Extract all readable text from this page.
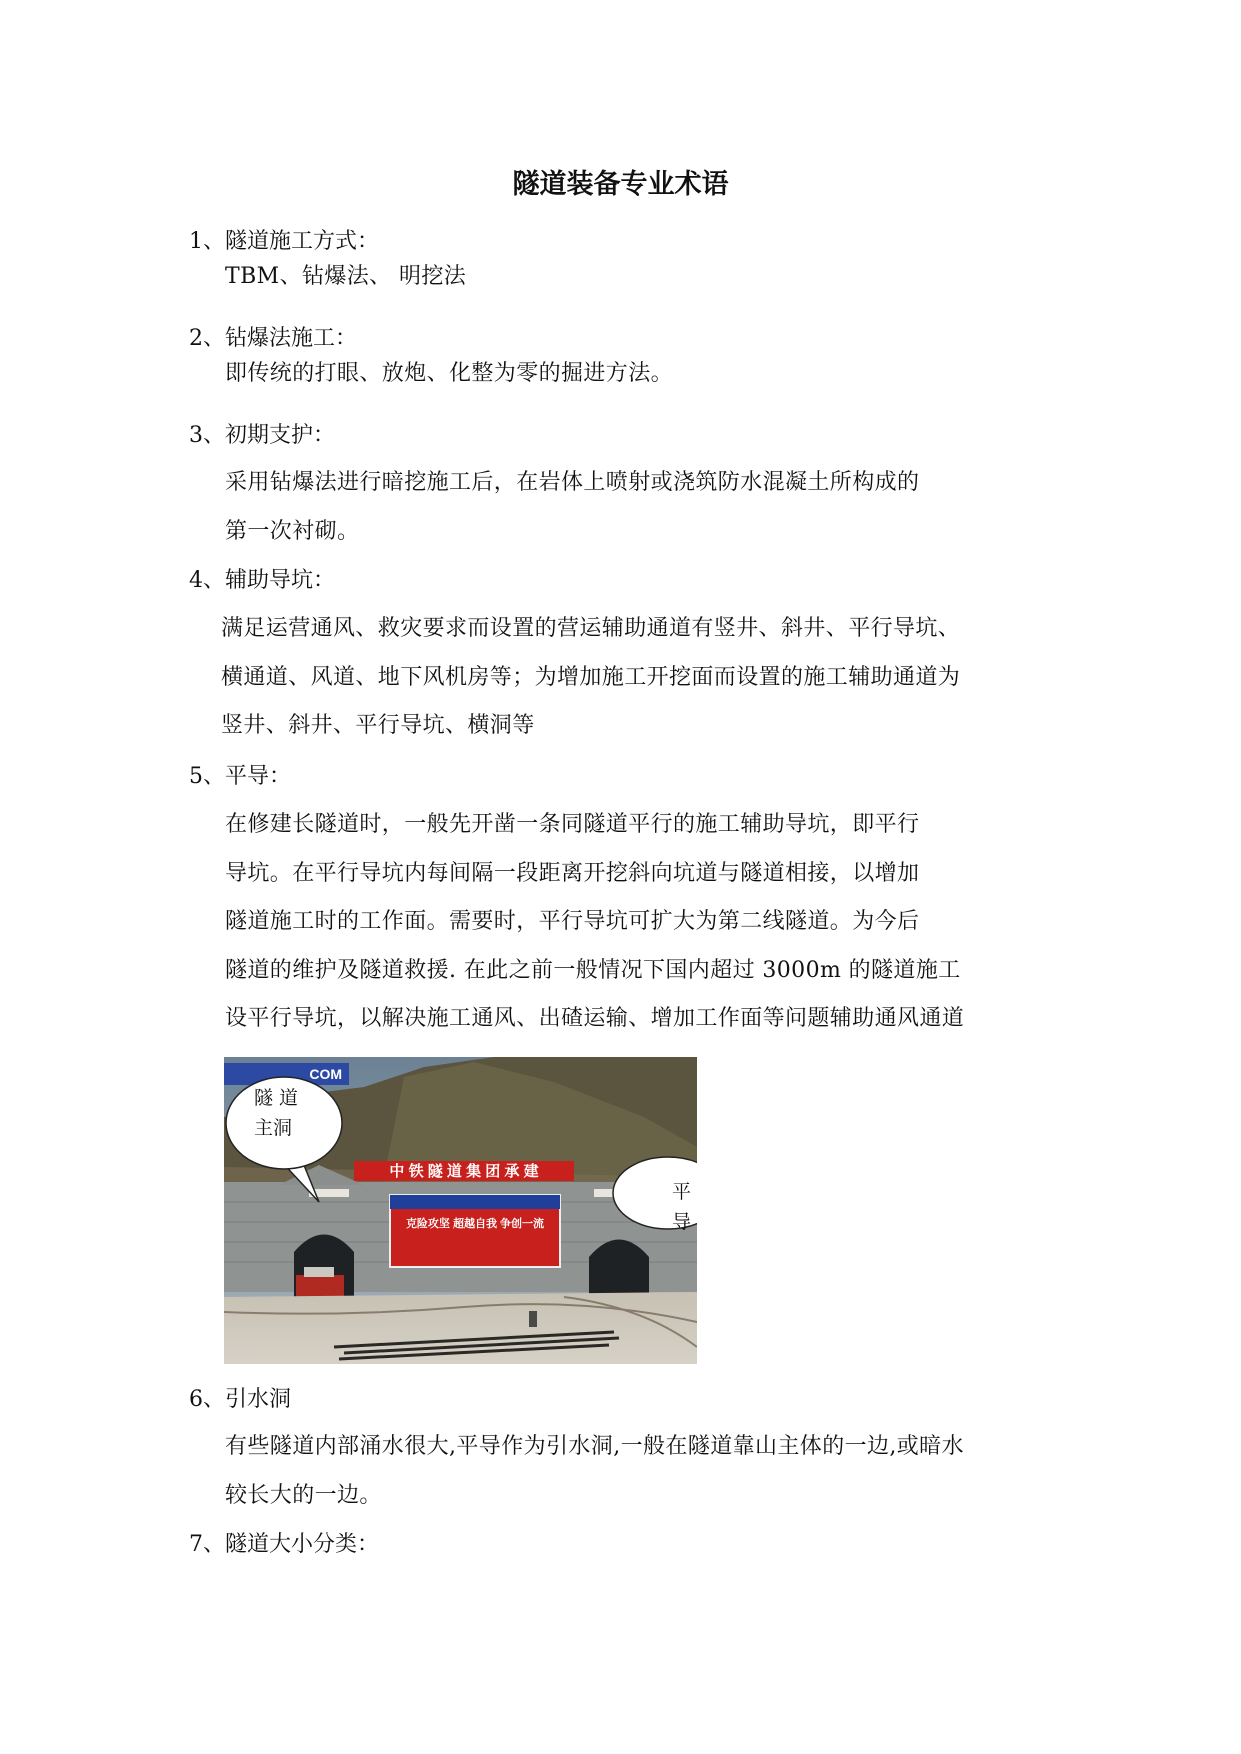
隧道装备专业术语
1、隧道施工方式：
TBM、钻爆法、 明挖法
2、钻爆法施工：
即传统的打眼、放炮、化整为零的掘进方法。
3、初期支护：
采用钻爆法进行暗挖施工后，在岩体上喷射或浇筑防水混凝土所构成的
第一次衬砌。
4、辅助导坑：
满足运营通风、救灾要求而设置的营运辅助通道有竖井、斜井、平行导坑、
横通道、风道、地下风机房等；为增加施工开挖面而设置的施工辅助通道为
竖井、斜井、平行导坑、横洞等
5、平导：
在修建长隧道时，一般先开凿一条同隧道平行的施工辅助导坑，即平行
导坑。在平行导坑内每间隔一段距离开挖斜向坑道与隧道相接，以增加
隧道施工时的工作面。需要时，平行导坑可扩大为第二线隧道。为今后
隧道的维护及隧道救援. 在此之前一般情况下国内超过 3000m 的隧道施工
设平行导坑，以解决施工通风、出碴运输、增加工作面等问题辅助通风通道
中 铁 隧 道 集 团 承 建
克险攻坚 超越自我 争创一流
COM
隧 道
主洞
平导
6、引水洞
有些隧道内部涌水很大,平导作为引水洞,一般在隧道靠山主体的一边,或暗水
较长大的一边。
7、隧道大小分类：
